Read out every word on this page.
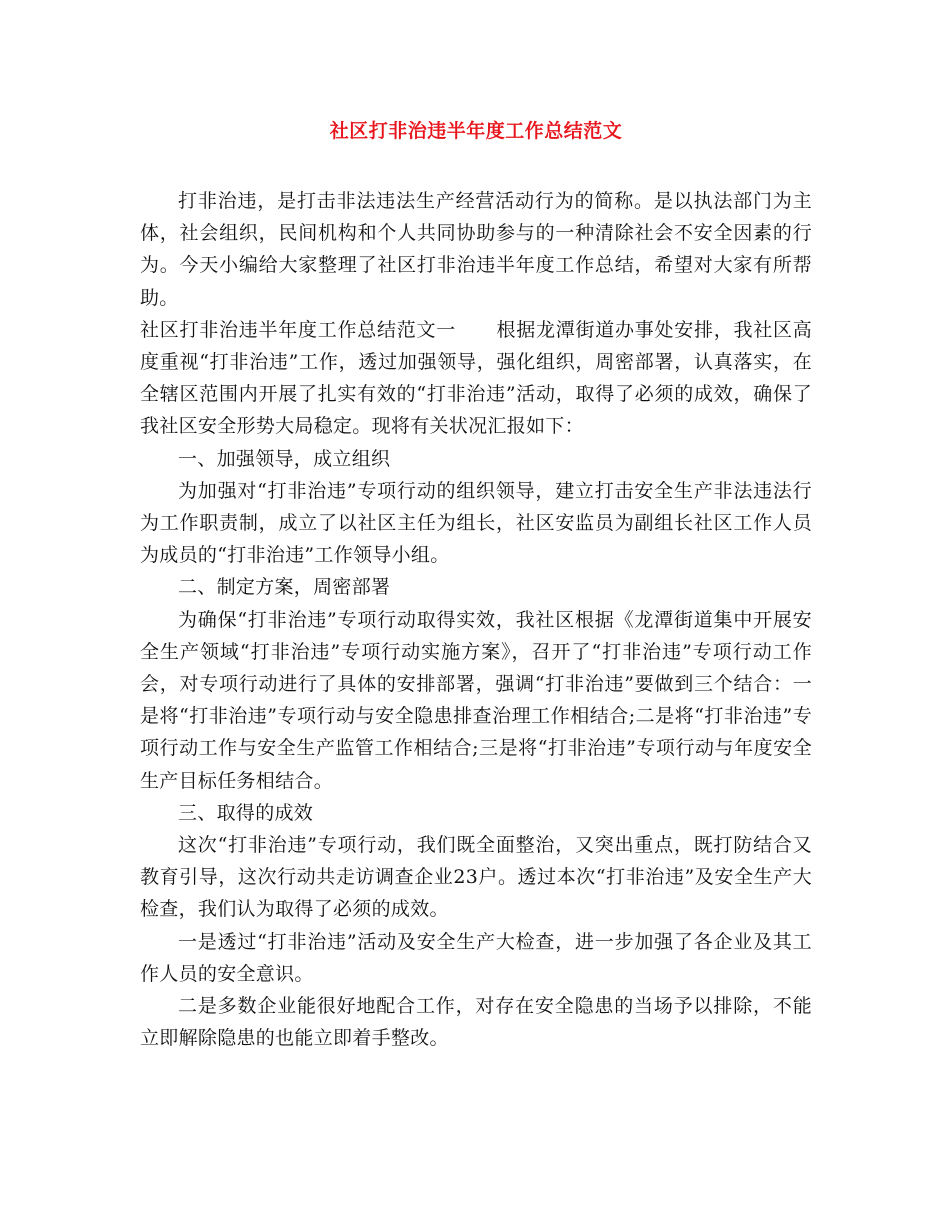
社区打非治违半年度工作总结范文

打非治违，是打击非法违法生产经营活动行为的简称。是以执法部门为主体，社会组织，民间机构和个人共同协助参与的一种清除社会不安全因素的行为。今天小编给大家整理了社区打非治违半年度工作总结，希望对大家有所帮助。

社区打非治违半年度工作总结范文一 根据龙潭街道办事处安排，我社区高度重视“打非治违”工作，透过加强领导，强化组织，周密部署，认真落实，在全辖区范围内开展了扎实有效的“打非治违”活动，取得了必须的成效，确保了我社区安全形势大局稳定。现将有关状况汇报如下：

一、加强领导，成立组织

为加强对“打非治违”专项行动的组织领导，建立打击安全生产非法违法行为工作职责制，成立了以社区主任为组长，社区安监员为副组长社区工作人员为成员的“打非治违”工作领导小组。

二、制定方案，周密部署

为确保“打非治违”专项行动取得实效，我社区根据《龙潭街道集中开展安全生产领域“打非治违”专项行动实施方案》，召开了“打非治违”专项行动工作会，对专项行动进行了具体的安排部署，强调“打非治违”要做到三个结合：一是将“打非治违”专项行动与安全隐患排查治理工作相结合;二是将“打非治违”专项行动工作与安全生产监管工作相结合;三是将“打非治违”专项行动与年度安全生产目标任务相结合。

三、取得的成效

这次“打非治违”专项行动，我们既全面整治，又突出重点，既打防结合又教育引导，这次行动共走访调查企业23户。透过本次“打非治违”及安全生产大检查，我们认为取得了必须的成效。

一是透过“打非治违”活动及安全生产大检查，进一步加强了各企业及其工作人员的安全意识。

二是多数企业能很好地配合工作，对存在安全隐患的当场予以排除，不能立即解除隐患的也能立即着手整改。
